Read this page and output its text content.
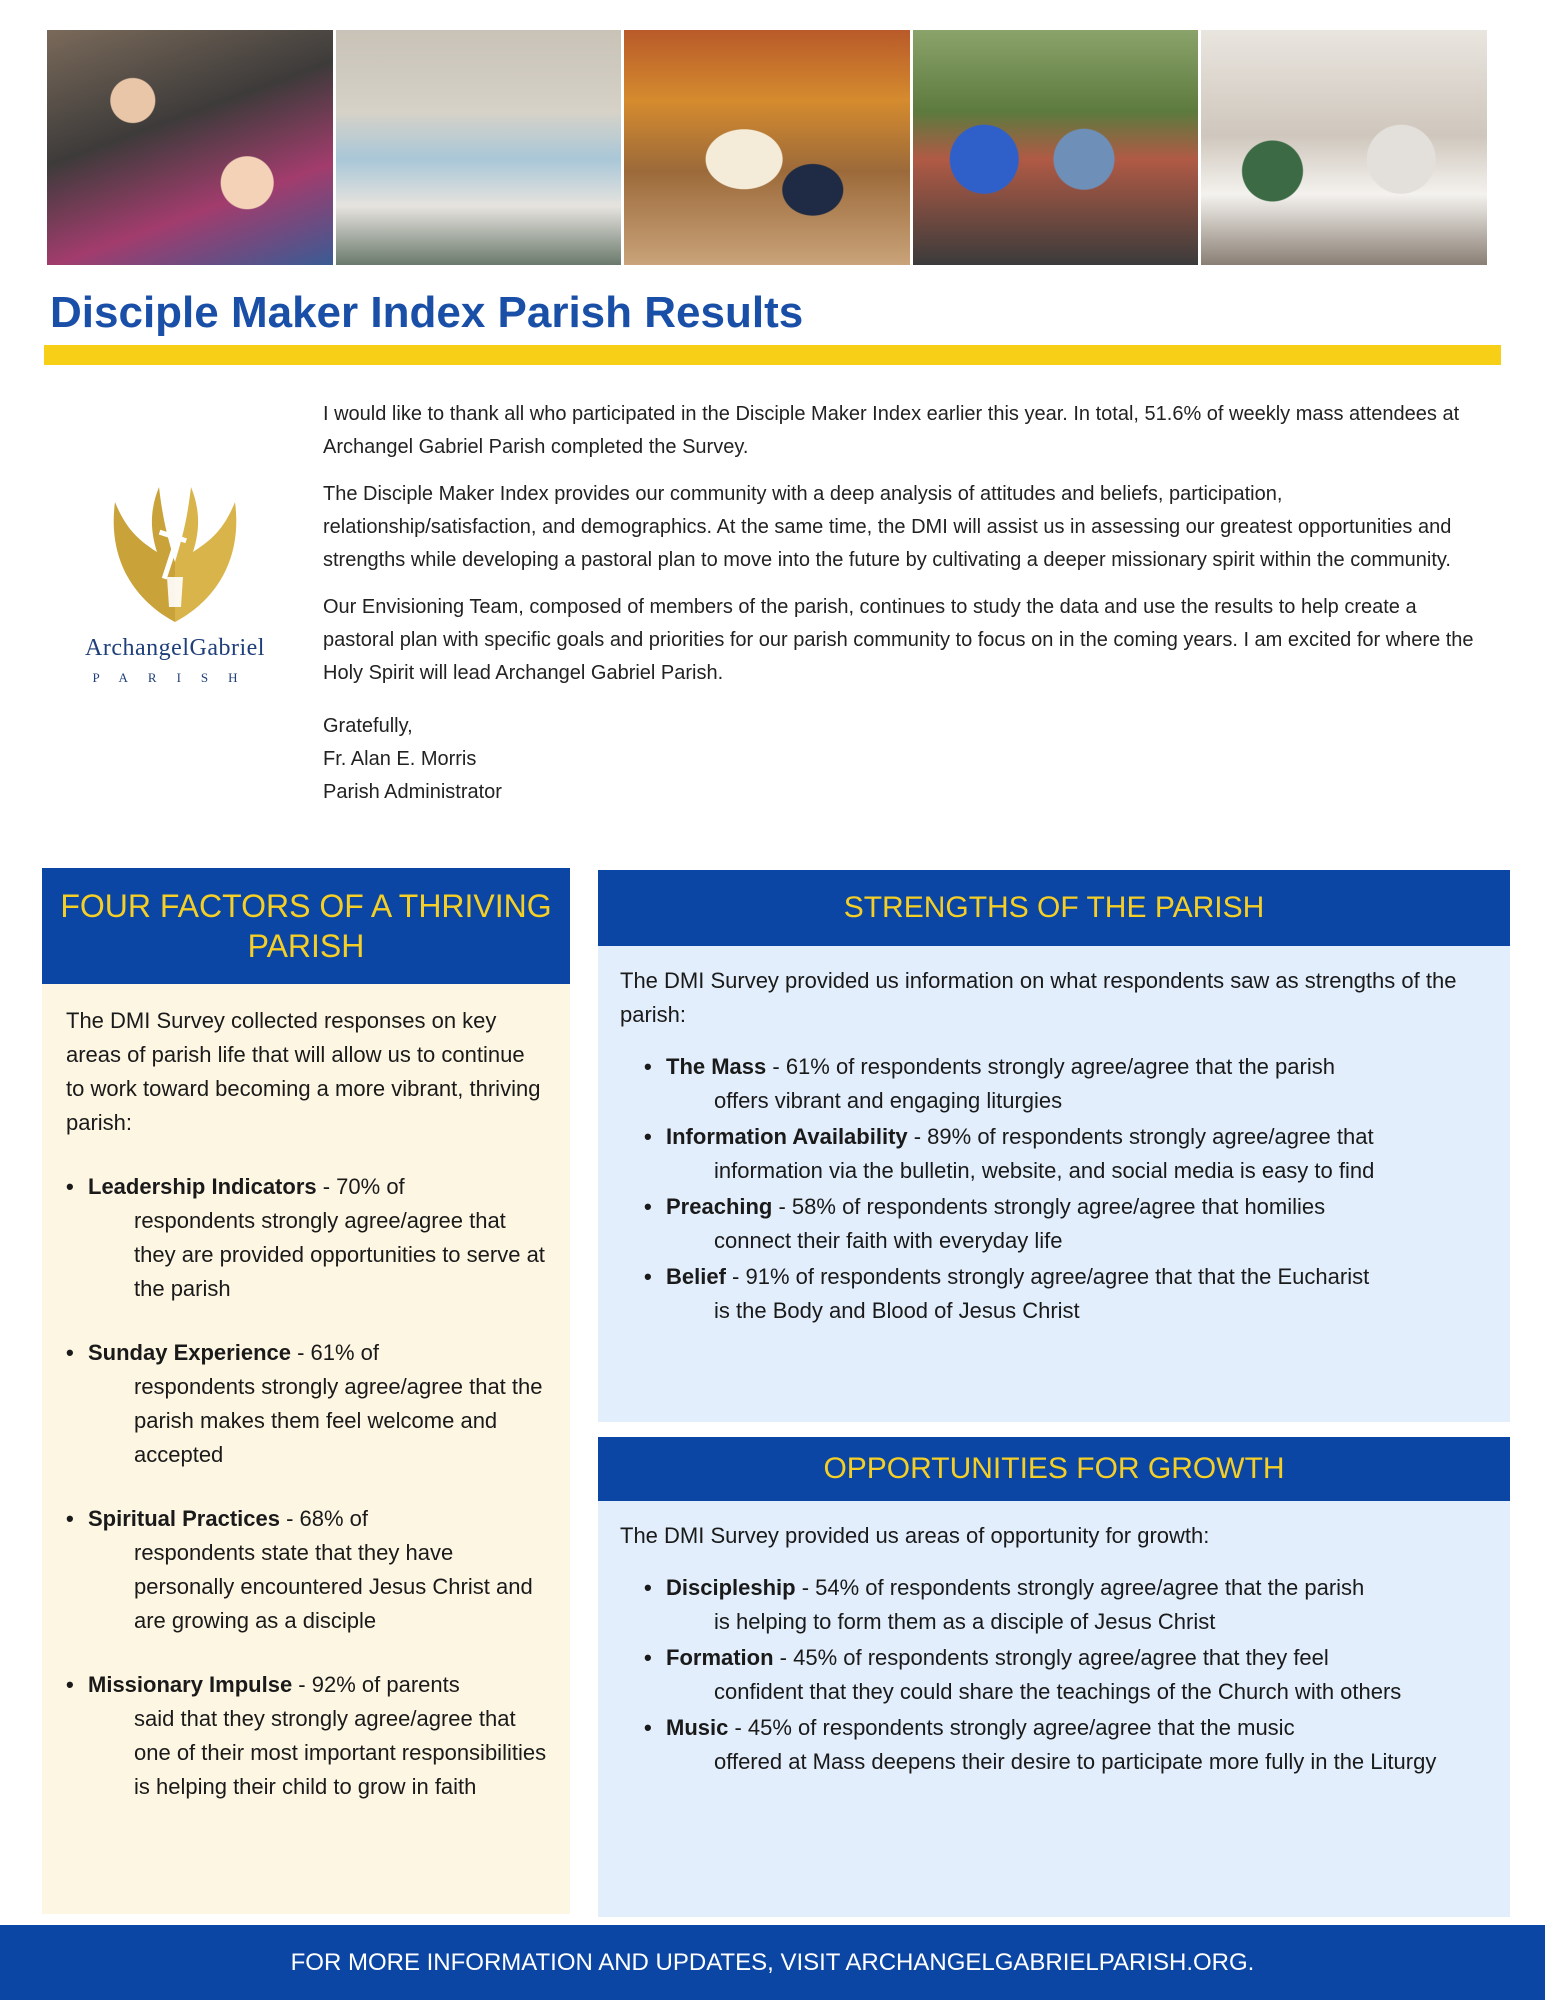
Disciple Maker Index Parish Results
ArchangelGabriel
PARISH

I would like to thank all who participated in the Disciple Maker Index earlier this year. In total, 51.6% of weekly mass attendees at Archangel Gabriel Parish completed the Survey.

The Disciple Maker Index provides our community with a deep analysis of attitudes and beliefs, participation, relationship/satisfaction, and demographics. At the same time, the DMI will assist us in assessing our greatest opportunities and strengths while developing a pastoral plan to move into the future by cultivating a deeper missionary spirit within the community.

Our Envisioning Team, composed of members of the parish, continues to study the data and use the results to help create a pastoral plan with specific goals and priorities for our parish community to focus on in the coming years. I am excited for where the Holy Spirit will lead Archangel Gabriel Parish.

Gratefully,
Fr. Alan E. Morris
Parish Administrator
FOUR FACTORS OF A THRIVING PARISH

The DMI Survey collected responses on key areas of parish life that will allow us to continue to work toward becoming a more vibrant, thriving parish:

• Leadership Indicators - 70% of
respondents strongly agree/agree that they are provided opportunities to serve at the parish
• Sunday Experience - 61% of
respondents strongly agree/agree that the parish makes them feel welcome and accepted
• Spiritual Practices - 68% of
respondents state that they have personally encountered Jesus Christ and are growing as a disciple
• Missionary Impulse - 92% of parents
said that they strongly agree/agree that one of their most important responsibilities is helping their child to grow in faith
STRENGTHS OF THE PARISH

The DMI Survey provided us information on what respondents saw as strengths of the parish:

• The Mass - 61% of respondents strongly agree/agree that the parish
offers vibrant and engaging liturgies
• Information Availability - 89% of respondents strongly agree/agree that
information via the bulletin, website, and social media is easy to find
• Preaching - 58% of respondents strongly agree/agree that homilies
connect their faith with everyday life
• Belief - 91% of respondents strongly agree/agree that that the Eucharist
is the Body and Blood of Jesus Christ
OPPORTUNITIES FOR GROWTH

The DMI Survey provided us areas of opportunity for growth:

• Discipleship - 54% of respondents strongly agree/agree that the parish
is helping to form them as a disciple of Jesus Christ
• Formation - 45% of respondents strongly agree/agree that they feel
confident that they could share the teachings of the Church with others
• Music - 45% of respondents strongly agree/agree that the music
offered at Mass deepens their desire to participate more fully in the Liturgy
FOR MORE INFORMATION AND UPDATES, VISIT ARCHANGELGABRIELPARISH.ORG.
